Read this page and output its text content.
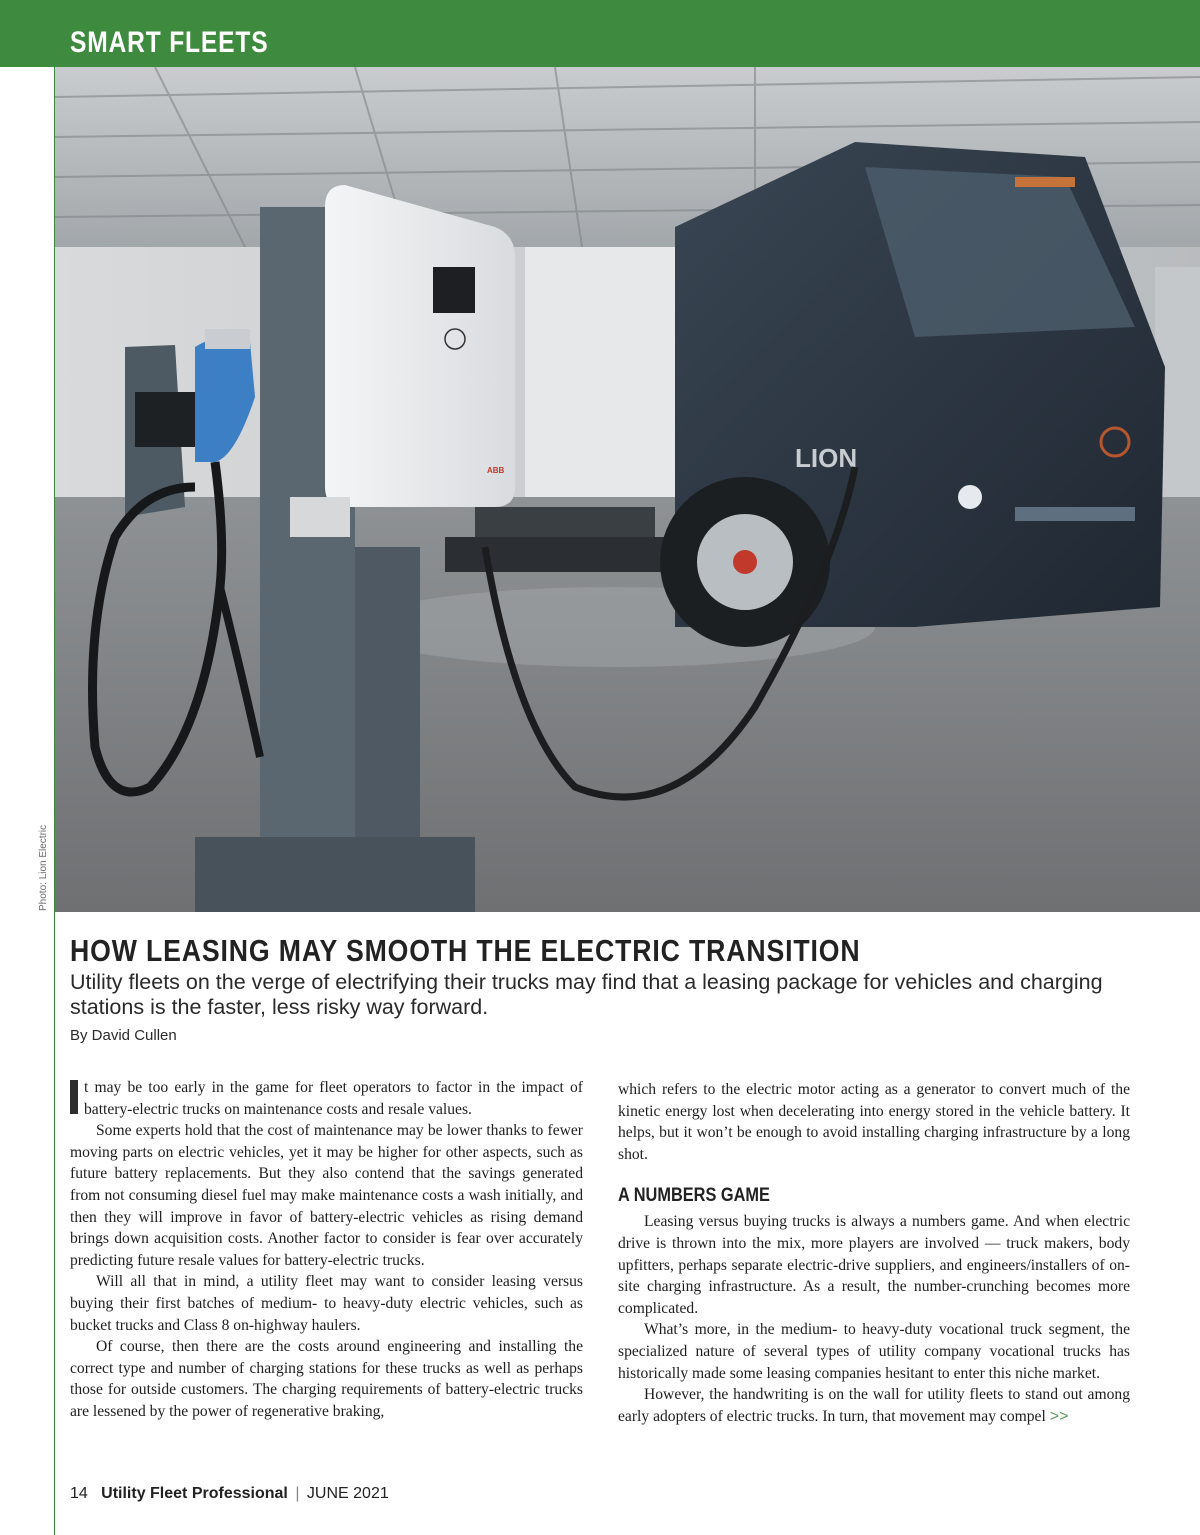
SMART FLEETS
LION
ABB
Photo: Lion Electric
HOW LEASING MAY SMOOTH THE ELECTRIC TRANSITION
Utility fleets on the verge of electrifying their trucks may find that a leasing package for vehicles and charging stations is the faster, less risky way forward.
By David Cullen

t may be too early in the game for fleet operators to factor in the impact of battery-electric trucks on maintenance costs and resale values.

Some experts hold that the cost of maintenance may be lower thanks to fewer moving parts on electric vehicles, yet it may be higher for other aspects, such as future battery replacements. But they also contend that the savings generated from not consuming diesel fuel may make maintenance costs a wash initially, and then they will improve in favor of battery-electric vehicles as rising demand brings down acquisition costs. Another factor to consider is fear over accurately predicting future resale values for battery-electric trucks.

Will all that in mind, a utility fleet may want to consider leasing versus buying their first batches of medium- to heavy-duty electric vehicles, such as bucket trucks and Class 8 on-highway haulers.

Of course, then there are the costs around engineering and installing the correct type and number of charging stations for these trucks as well as perhaps those for outside customers. The charging requirements of battery-electric trucks are lessened by the power of regenerative braking,

which refers to the electric motor acting as a generator to convert much of the kinetic energy lost when decelerating into energy stored in the vehicle battery. It helps, but it won’t be enough to avoid installing charging infrastructure by a long shot.

A NUMBERS GAME

Leasing versus buying trucks is always a numbers game. And when electric drive is thrown into the mix, more players are involved — truck makers, body upfitters, perhaps separate electric-drive suppliers, and engineers/installers of on-site charging infrastructure. As a result, the number-crunching becomes more complicated.

What’s more, in the medium- to heavy-duty vocational truck segment, the specialized nature of several types of utility company vocational trucks has historically made some leasing companies hesitant to enter this niche market.

However, the handwriting is on the wall for utility fleets to stand out among early adopters of electric trucks. In turn, that movement may compel >>

14 Utility Fleet Professional | JUNE 2021
